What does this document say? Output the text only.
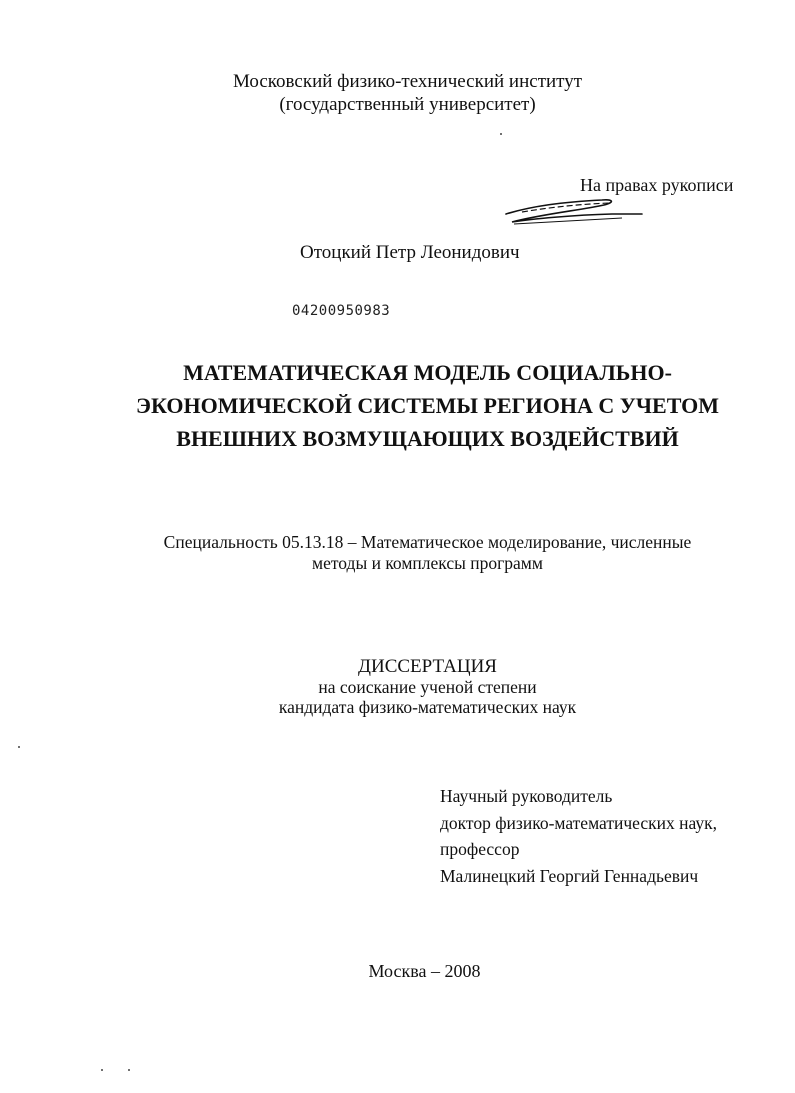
Московский физико-технический институт
(государственный университет)
На правах рукописи
Отоцкий Петр Леонидович
04200950983
МАТЕМАТИЧЕСКАЯ МОДЕЛЬ СОЦИАЛЬНО-
ЭКОНОМИЧЕСКОЙ СИСТЕМЫ РЕГИОНА С УЧЕТОМ
ВНЕШНИХ ВОЗМУЩАЮЩИХ ВОЗДЕЙСТВИЙ
Специальность 05.13.18 – Математическое моделирование, численные
методы и комплексы программ
ДИССЕРТАЦИЯ
на соискание ученой степени
кандидата физико-математических наук
Научный руководитель
доктор физико-математических наук,
профессор
Малинецкий Георгий Геннадьевич
Москва – 2008
